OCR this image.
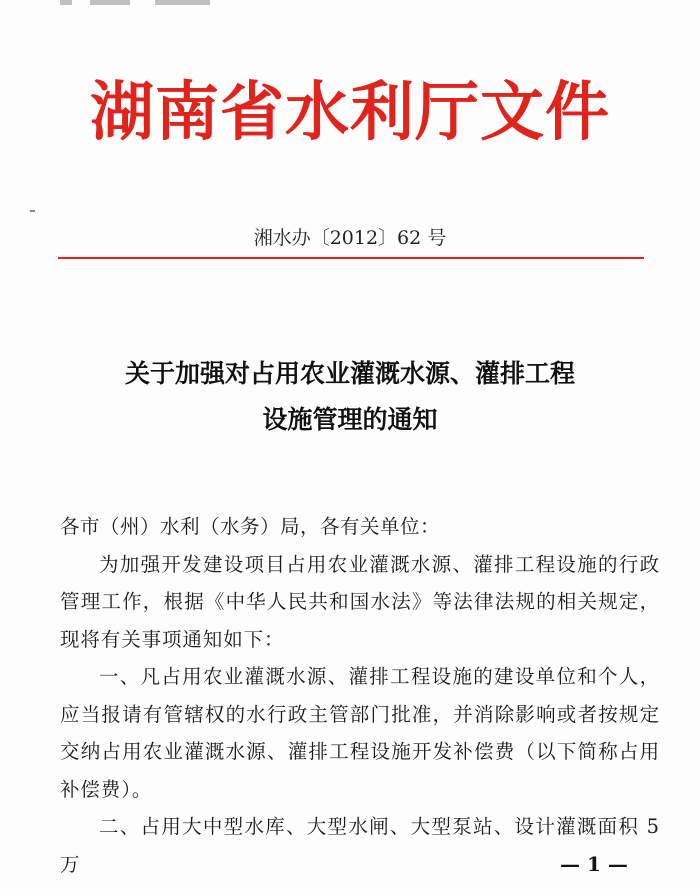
湖南省水利厅文件
湘水办〔2012〕62 号
关于加强对占用农业灌溉水源、灌排工程
设施管理的通知

各市（州）水利（水务）局，各有关单位：

为加强开发建设项目占用农业灌溉水源、灌排工程设施的行政管理工作，根据《中华人民共和国水法》等法律法规的相关规定，现将有关事项通知如下：

一、凡占用农业灌溉水源、灌排工程设施的建设单位和个人，应当报请有管辖权的水行政主管部门批准，并消除影响或者按规定交纳占用农业灌溉水源、灌排工程设施开发补偿费（以下简称占用补偿费）。

二、占用大中型水库、大型水闸、大型泵站、设计灌溉面积 5 万	— 1 —
